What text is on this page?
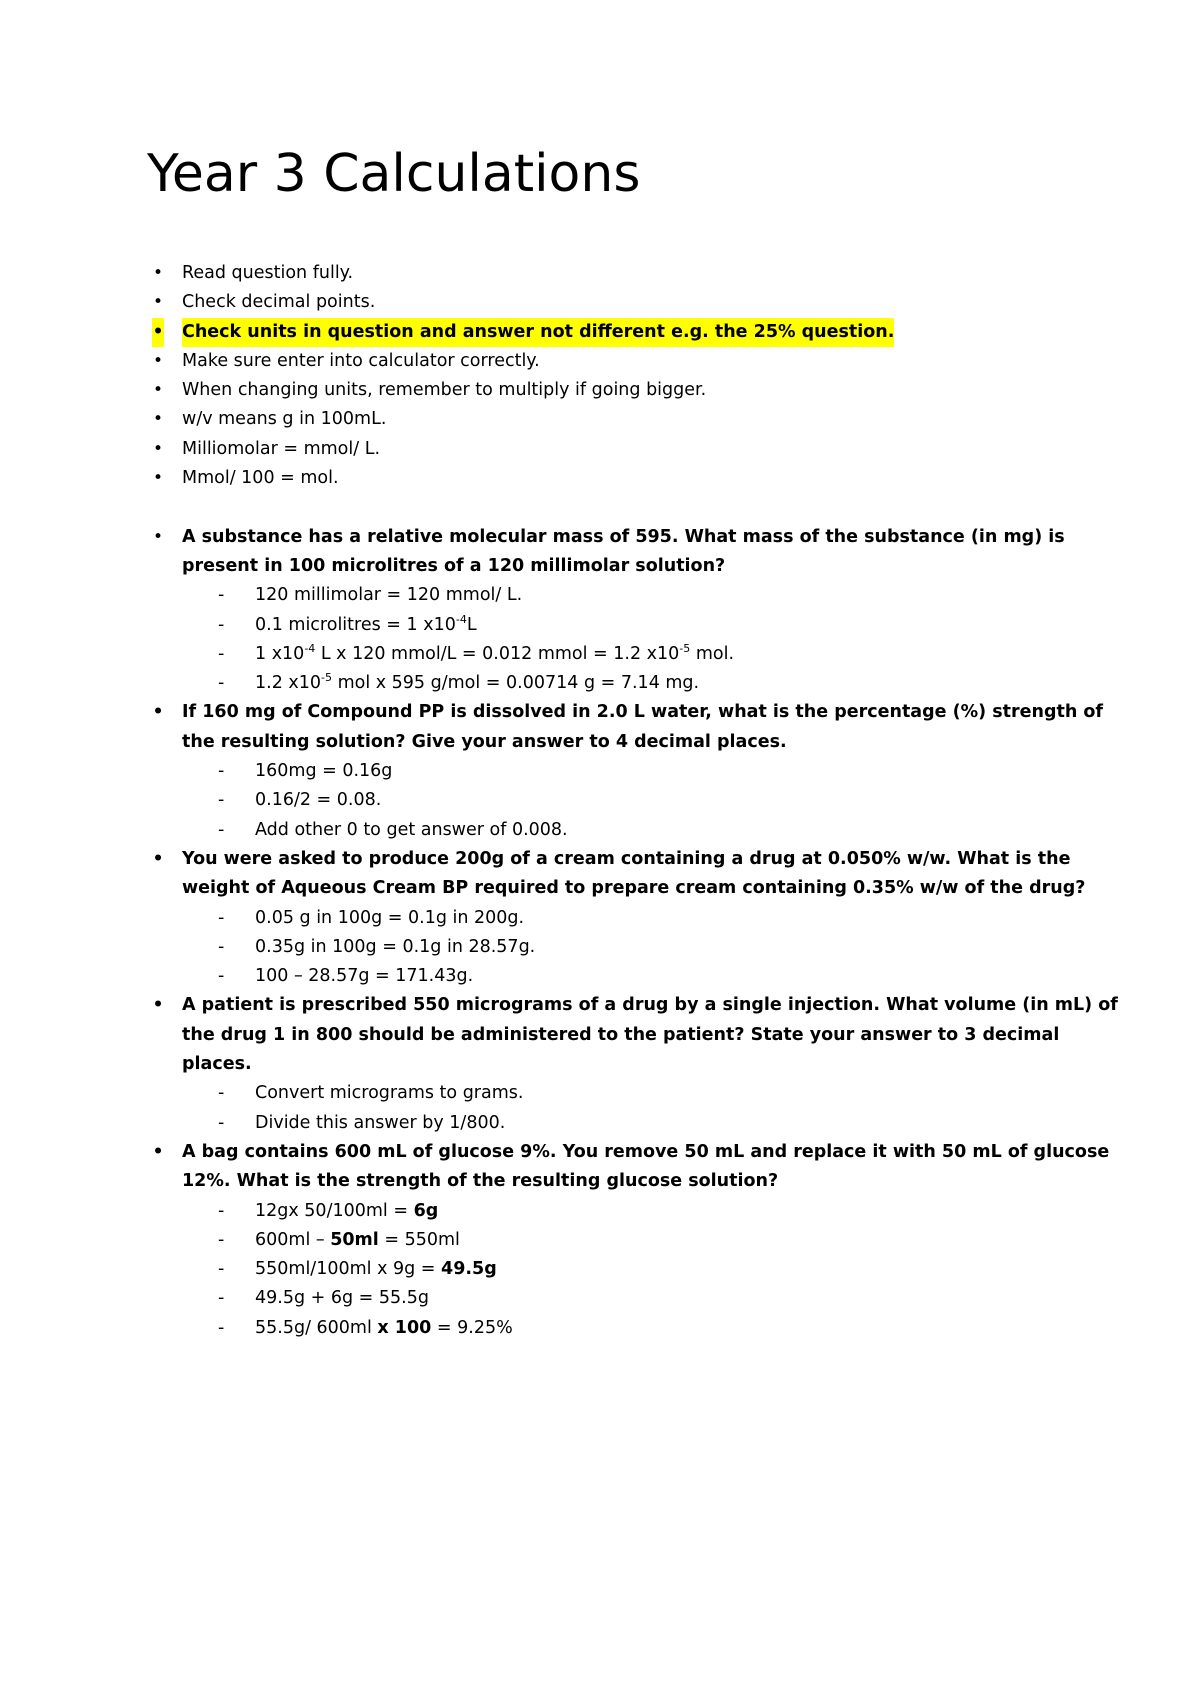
Year 3 Calculations
• Read question fully.
• Check decimal points.
• Check units in question and answer not different e.g. the 25% question.
• Make sure enter into calculator correctly.
• When changing units, remember to multiply if going bigger.
• w/v means g in 100mL.
• Milliomolar = mmol/ L.
• Mmol/ 100 = mol.
• A substance has a relative molecular mass of 595. What mass of the substance (in mg) is
present in 100 microlitres of a 120 millimolar solution?
- 120 millimolar = 120 mmol/ L.
- 0.1 microlitres = 1 $x10^{-4}L$
- 1 $x10^{-4}$ L x 120 mmol/L = 0.012 mmol = 1.2 $x10^{-5}$ mol.
- 1.2 $x10^{-5}$ mol x 595 g/mol = 0.00714 g = 7.14 mg.
• If 160 mg of Compound PP is dissolved in 2.0 L water, what is the percentage (%) strength of
the resulting solution? Give your answer to 4 decimal places.
- 160mg = 0.16g
- 0.16/2 = 0.08.
- Add other 0 to get answer of 0.008.
• You were asked to produce 200g of a cream containing a drug at 0.050% w/w. What is the
weight of Aqueous Cream BP required to prepare cream containing 0.35% w/w of the drug?
- 0.05 g in 100g = 0.1g in 200g.
- 0.35g in 100g = 0.1g in 28.57g.
- 100 – 28.57g = 171.43g.
• A patient is prescribed 550 micrograms of a drug by a single injection. What volume (in mL) of
the drug 1 in 800 should be administered to the patient? State your answer to 3 decimal
places.
- Convert micrograms to grams.
- Divide this answer by 1/800.
• A bag contains 600 mL of glucose 9%. You remove 50 mL and replace it with 50 mL of glucose
12%. What is the strength of the resulting glucose solution?
- 12gx 50/100ml = 6g
- 600ml – 50ml = 550ml
- 550ml/100ml x 9g = 49.5g
- 49.5g + 6g = 55.5g
- 55.5g/ 600ml x 100 = 9.25%
